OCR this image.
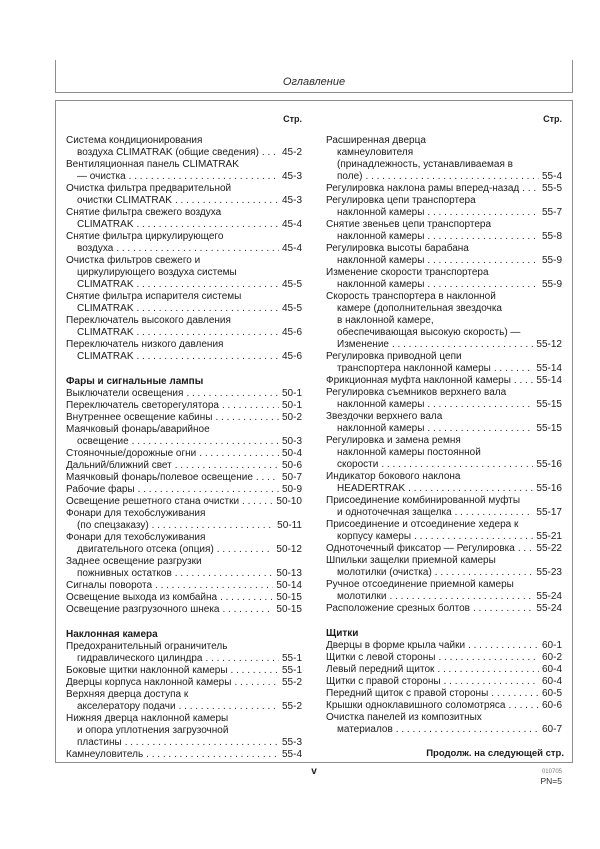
Оглавление
Стр.
Система кондиционирования
воздуха CLIMATRAK (общие сведения) . . . 45-2
Вентиляционная панель CLIMATRAK
— очистка . . .	45-3
Очистка фильтра предварительной
очистки CLIMATRAK . . .	45-3
Снятие фильтра свежего воздуха
CLIMATRAK . . .	45-4
Снятие фильтра циркулирующего
воздуха . . .	45-4
Очистка фильтров свежего и
циркулирующего воздуха системы
CLIMATRAK . . .	45-5
Снятие фильтра испарителя системы
CLIMATRAK . . .	45-5
Переключатель высокого давления
CLIMATRAK . . .	45-6
Переключатель низкого давления
CLIMATRAK . . .	45-6
Фары и сигнальные лампы
Выключатели освещения . . .	50-1
Переключатель светорегулятора . . .	50-1
Внутреннее освещение кабины . . .	50-2
Маячковый фонарь/аварийное
освещение . . .	50-3
Стояночные/дорожные огни . . .	50-4
Дальний/ближний свет . . .	50-6
Маячковый фонарь/полевое освещение . . .	50-7
Рабочие фары . . .	50-9
Освещение решетного стана очистки . . .	50-10
Фонари для техобслуживания
(по спецзаказу) . . .	50-11
Фонари для техобслуживания
двигательного отсека (опция) . . .	50-12
Заднее освещение разгрузки
пожнивных остатков . . .	50-13
Сигналы поворота . . .	50-14
Освещение выхода из комбайна . . .	50-15
Освещение разгрузочного шнека . . .	50-15
Наклонная камера
Предохранительный ограничитель
гидравлического цилиндра . . .	55-1
Боковые щитки наклонной камеры . . .	55-1
Дверцы корпуса наклонной камеры . . .	55-2
Верхняя дверца доступа к
акселератору подачи . . .	55-2
Нижняя дверца наклонной камеры
и опора уплотнения загрузочной
пластины . . .	55-3
Камнеуловитель . . .	55-4
Стр.
Расширенная дверца
камнеуловителя
(принадлежность, устанавливаемая в
поле) . . .	55-4
Регулировка наклона рамы вперед-назад . . . 55-5
Регулировка цепи транспортера
наклонной камеры . . .	55-7
Снятие звеньев цепи транспортера
наклонной камеры . . .	55-8
Регулировка высоты барабана
наклонной камеры . . .	55-9
Изменение скорости транспортера
наклонной камеры . . .	55-9
Скорость транспортера в наклонной
камере (дополнительная звездочка
в наклонной камере,
обеспечивающая высокую скорость) —
Изменение . . .	55-12
Регулировка приводной цепи
транспортера наклонной камеры . . .	55-14
Фрикционная муфта наклонной камеры . . .	55-14
Регулировка съемников верхнего вала
наклонной камеры . . .	55-15
Звездочки верхнего вала
наклонной камеры . . .	55-15
Регулировка и замена ремня
наклонной камеры постоянной
скорости . . .	55-16
Индикатор бокового наклона
HEADERTRAK . . .	55-16
Присоединение комбинированной муфты
и одноточечная защелка . . .	55-17
Присоединение и отсоединение хедера к
корпусу камеры . . .	55-21
Одноточечный фиксатор — Регулировка . . . 55-22
Шпильки защелки приемной камеры
молотилки (очистка) . . .	55-23
Ручное отсоединение приемной камеры
молотилки . . .	55-24
Расположение срезных болтов . . .	55-24
Щитки
Дверцы в форме крыла чайки . . .	60-1
Щитки с левой стороны . . .	60-2
Левый передний щиток . . .	60-4
Щитки с правой стороны . . .	60-4
Передний щиток с правой стороны . . .	60-5
Крышки одноклавишного соломотряса . . .	60-6
Очистка панелей из композитных
материалов . . .	60-7
Продолж. на следующей стр.
v	010705
PN=5
